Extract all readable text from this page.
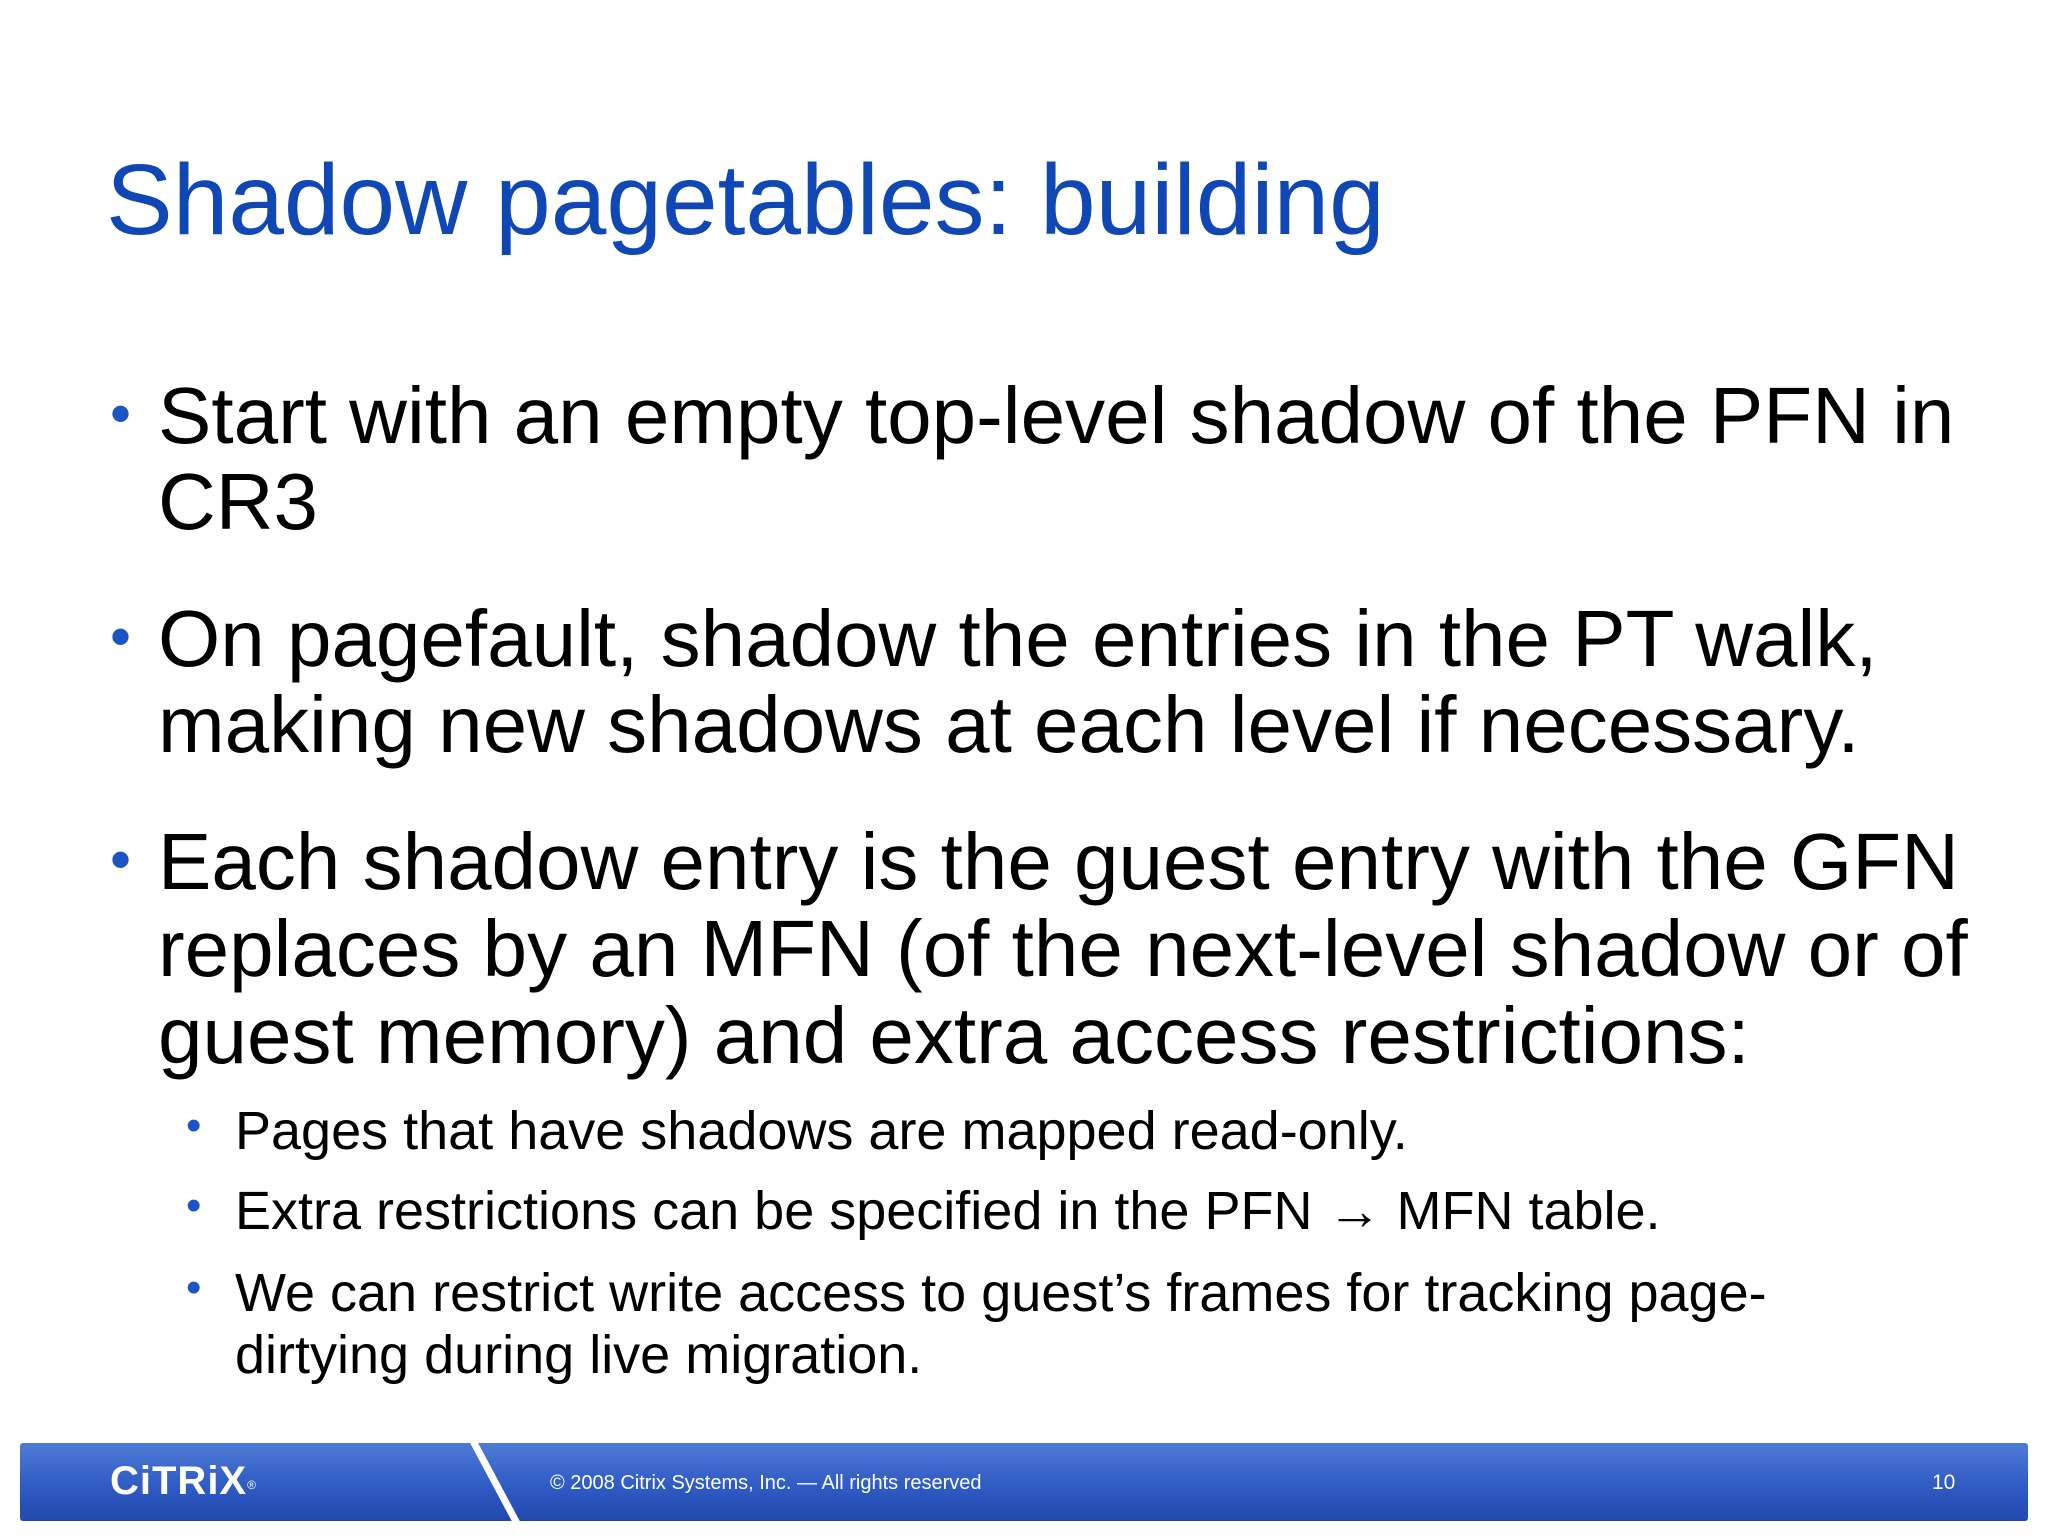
Shadow pagetables: building
• Start with an empty top-level shadow of the PFN in
CR3
• On pagefault, shadow the entries in the PT walk,
making new shadows at each level if necessary.
• Each shadow entry is the guest entry with the GFN
replaces by an MFN (of the next-level shadow or of
guest memory) and extra access restrictions:
• Pages that have shadows are mapped read-only.
• Extra restrictions can be specified in the PFN → MFN table.
• We can restrict write access to guest’s frames for tracking page-
dirtying during live migration.
CiTRiX®	© 2008 Citrix Systems, Inc. — All rights reserved	10
